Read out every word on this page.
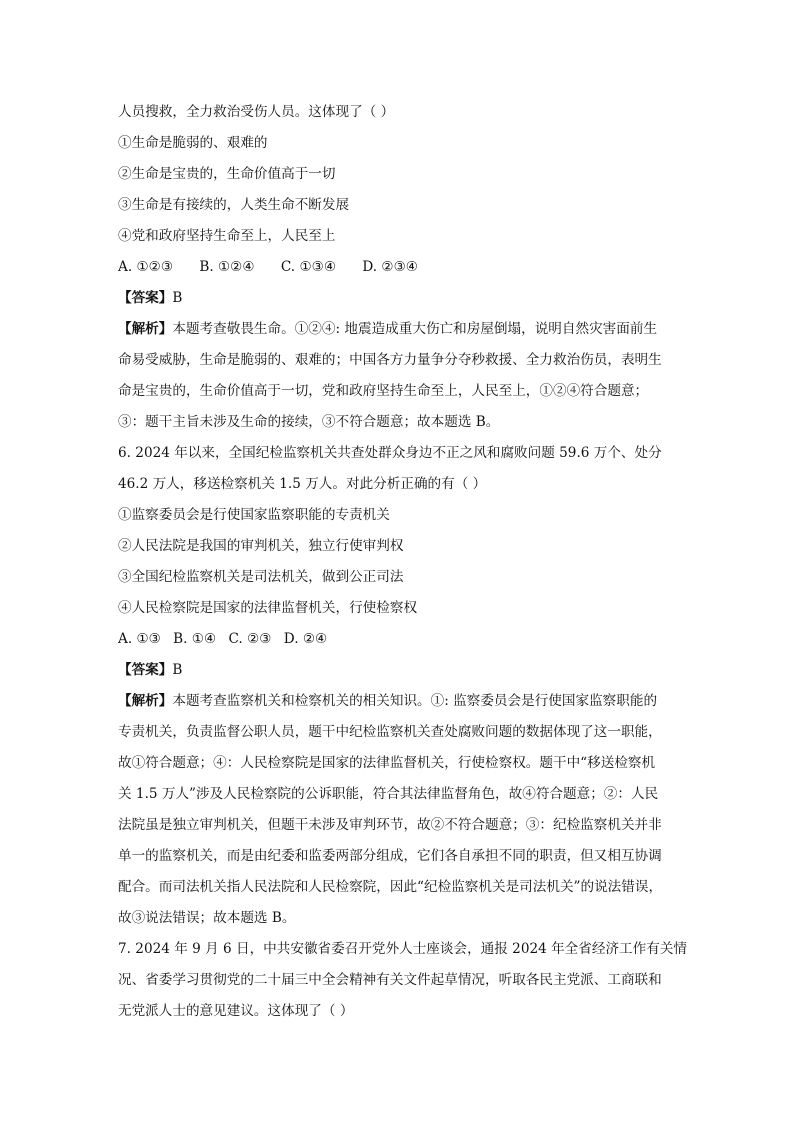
人员搜救，全力救治受伤人员。这体现了（ ）
①生命是脆弱的、艰难的
②生命是宝贵的，生命价值高于一切
③生命是有接续的，人类生命不断发展
④党和政府坚持生命至上，人民至上
A. ①②③ B. ①②④ C. ①③④ D. ②③④
【答案】B
【解析】本题考查敬畏生命。①②④: 地震造成重大伤亡和房屋倒塌，说明自然灾害面前生
命易受威胁，生命是脆弱的、艰难的；中国各方力量争分夺秒救援、全力救治伤员，表明生
命是宝贵的，生命价值高于一切，党和政府坚持生命至上，人民至上，①②④符合题意；
③：题干主旨未涉及生命的接续，③不符合题意；故本题选 B。
6. 2024 年以来，全国纪检监察机关共查处群众身边不正之风和腐败问题 59.6 万个、处分
46.2 万人，移送检察机关 1.5 万人。对此分析正确的有（ ）
①监察委员会是行使国家监察职能的专责机关
②人民法院是我国的审判机关，独立行使审判权
③全国纪检监察机关是司法机关，做到公正司法
④人民检察院是国家的法律监督机关，行使检察权
A. ①③ B. ①④ C. ②③ D. ②④
【答案】B
【解析】本题考查监察机关和检察机关的相关知识。①: 监察委员会是行使国家监察职能的
专责机关，负责监督公职人员，题干中纪检监察机关查处腐败问题的数据体现了这一职能，
故①符合题意；④：人民检察院是国家的法律监督机关，行使检察权。题干中“移送检察机
关 1.5 万人”涉及人民检察院的公诉职能，符合其法律监督角色，故④符合题意；②：人民
法院虽是独立审判机关，但题干未涉及审判环节，故②不符合题意；③：纪检监察机关并非
单一的监察机关，而是由纪委和监委两部分组成，它们各自承担不同的职责，但又相互协调
配合。而司法机关指人民法院和人民检察院，因此“纪检监察机关是司法机关”的说法错误，
故③说法错误；故本题选 B。
7. 2024 年 9 月 6 日，中共安徽省委召开党外人士座谈会，通报 2024 年全省经济工作有关情
况、省委学习贯彻党的二十届三中全会精神有关文件起草情况，听取各民主党派、工商联和
无党派人士的意见建议。这体现了（ ）
